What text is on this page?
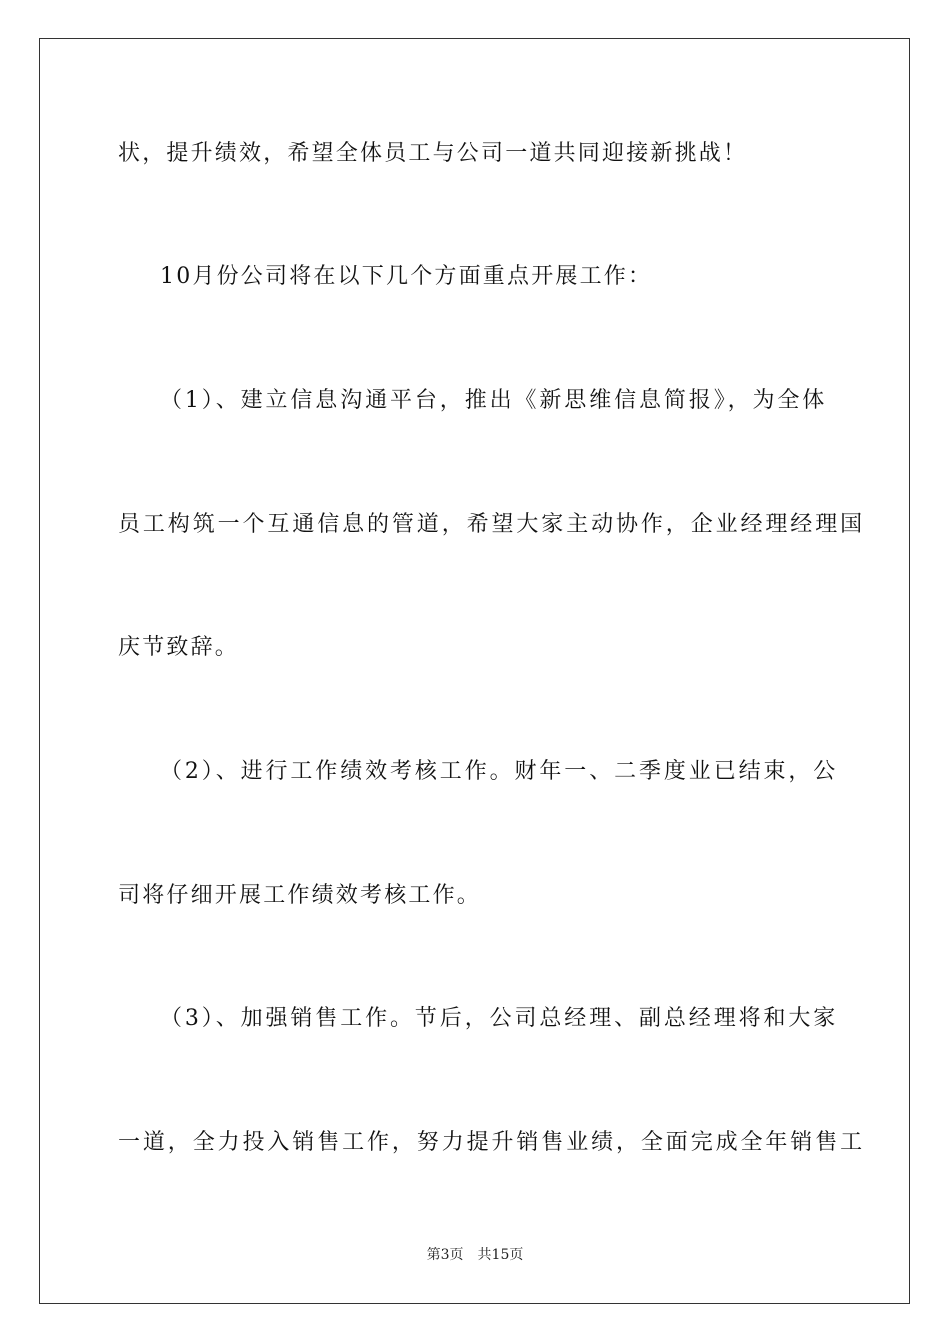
状，提升绩效，希望全体员工与公司一道共同迎接新挑战！
10月份公司将在以下几个方面重点开展工作：
（1）、建立信息沟通平台，推出《新思维信息简报》，为全体
员工构筑一个互通信息的管道，希望大家主动协作，企业经理经理国
庆节致辞。
（2）、进行工作绩效考核工作。财年一、二季度业已结束，公
司将仔细开展工作绩效考核工作。
（3）、加强销售工作。节后，公司总经理、副总经理将和大家
一道，全力投入销售工作，努力提升销售业绩，全面完成全年销售工
第3页　共15页
